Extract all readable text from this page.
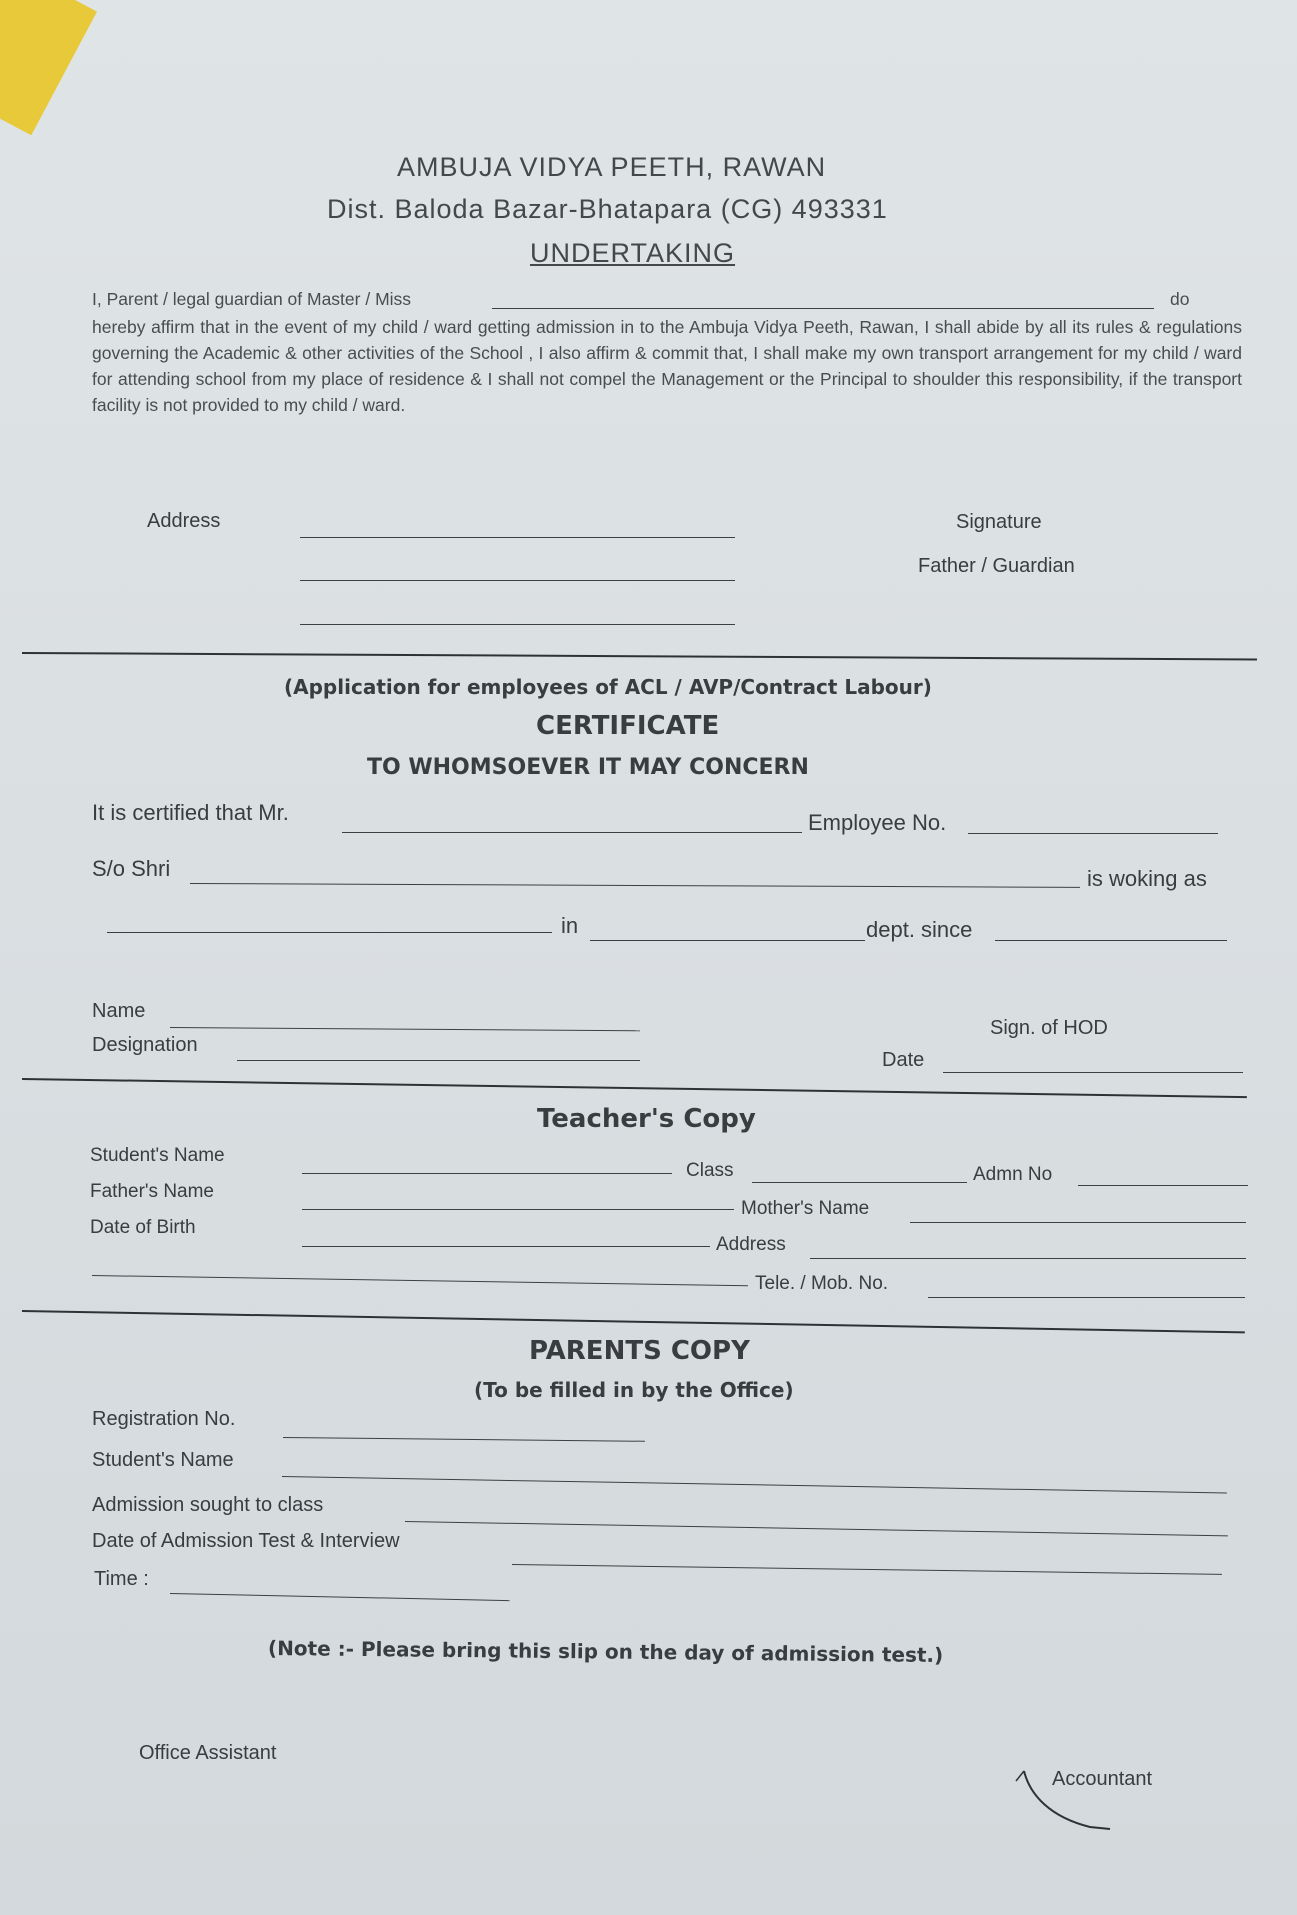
AMBUJA VIDYA PEETH, RAWAN
Dist. Baloda Bazar-Bhatapara (CG) 493331
UNDERTAKING
I, Parent / legal guardian of Master / Miss	do
hereby affirm that in the event of my child / ward getting admission in to the Ambuja Vidya Peeth, Rawan, I shall abide by all its rules & regulations governing the Academic & other activities of the School , I also affirm & commit that, I shall make my own transport arrangement for my child / ward for attending school from my place of residence & I shall not compel the Management or the Principal to shoulder this responsibility, if the transport facility is not provided to my child / ward.
Address	Signature
Father / Guardian
(Application for employees of ACL / AVP/Contract Labour)
CERTIFICATE
TO WHOMSOEVER IT MAY CONCERN
It is certified that Mr.	Employee No.
S/o Shri	is woking as
in	dept. since
Name
Designation
Sign. of HOD
Date
Teacher's Copy
Student's Name
Class	Admn No
Father's Name
Mother's Name
Date of Birth
Address
Tele. / Mob. No.
PARENTS COPY
(To be filled in by the Office)
Registration No.
Student's Name
Admission sought to class
Date of Admission Test & Interview
Time :
(Note :- Please bring this slip on the day of admission test.)
Office Assistant
Accountant
